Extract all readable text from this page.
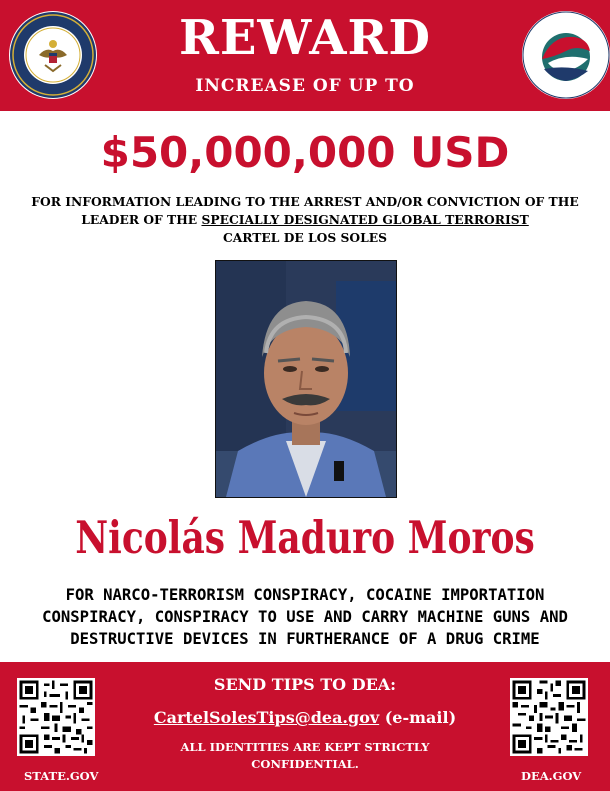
REWARD
INCREASE OF UP TO
$50,000,000 USD
FOR INFORMATION LEADING TO THE ARREST AND/OR CONVICTION OF THE
LEADER OF THE SPECIALLY DESIGNATED GLOBAL TERRORIST
CARTEL DE LOS SOLES
Nicolás Maduro Moros
FOR NARCO-TERRORISM CONSPIRACY, COCAINE IMPORTATION
CONSPIRACY, CONSPIRACY TO USE AND CARRY MACHINE GUNS AND
DESTRUCTIVE DEVICES IN FURTHERANCE OF A DRUG CRIME
SEND TIPS TO DEA:
CartelSolesTips@dea.gov (e-mail)
ALL IDENTITIES ARE KEPT STRICTLY
CONFIDENTIAL.
STATE.GOV	DEA.GOV
